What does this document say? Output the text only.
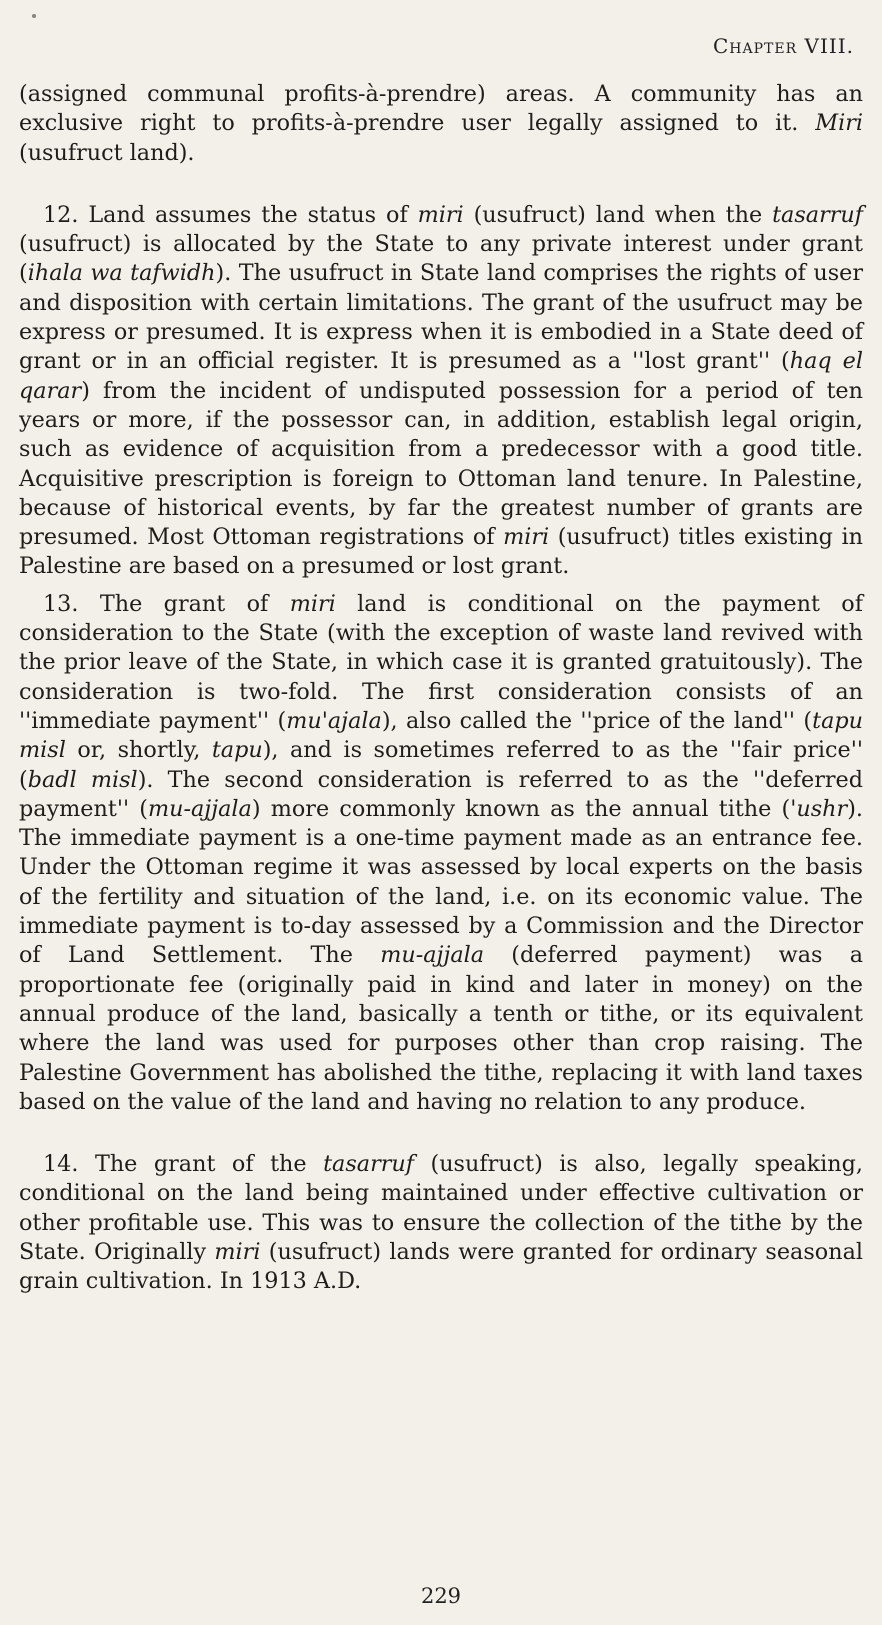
Chapter VIII.

(assigned communal profits-à-prendre) areas. A community has an exclusive right to profits-à-prendre user legally assigned to it. Miri (usufruct land).

12. Land assumes the status of miri (usufruct) land when the tasarruf (usufruct) is allocated by the State to any private interest under grant (ihala wa tafwidh). The usufruct in State land comprises the rights of user and disposition with certain limitations. The grant of the usufruct may be express or presumed. It is express when it is embodied in a State deed of grant or in an official register. It is presumed as a ''lost grant'' (haq el qarar) from the incident of undisputed possession for a period of ten years or more, if the possessor can, in addition, establish legal origin, such as evidence of acquisition from a predecessor with a good title. Acquisitive prescription is foreign to Ottoman land tenure. In Palestine, because of historical events, by far the greatest number of grants are presumed. Most Ottoman registrations of miri (usufruct) titles existing in Palestine are based on a presumed or lost grant.

13. The grant of miri land is conditional on the payment of consideration to the State (with the exception of waste land revived with the prior leave of the State, in which case it is granted gratuitously). The consideration is two-fold. The first consideration consists of an ''immediate payment'' (mu'ajala), also called the ''price of the land'' (tapu misl or, shortly, tapu), and is sometimes referred to as the ''fair price'' (badl misl). The second consideration is referred to as the ''deferred payment'' (mu-ajjala) more commonly known as the annual tithe ('ushr). The immediate payment is a one-time payment made as an entrance fee. Under the Ottoman regime it was assessed by local experts on the basis of the fertility and situation of the land, i.e. on its economic value. The immediate payment is to-day assessed by a Commission and the Director of Land Settlement. The mu-ajjala (deferred payment) was a proportionate fee (originally paid in kind and later in money) on the annual produce of the land, basically a tenth or tithe, or its equivalent where the land was used for purposes other than crop raising. The Palestine Government has abolished the tithe, replacing it with land taxes based on the value of the land and having no relation to any produce.

14. The grant of the tasarruf (usufruct) is also, legally speaking, conditional on the land being maintained under effective cultivation or other profitable use. This was to ensure the collection of the tithe by the State. Originally miri (usufruct) lands were granted for ordinary seasonal grain cultivation. In 1913 A.D.

229
